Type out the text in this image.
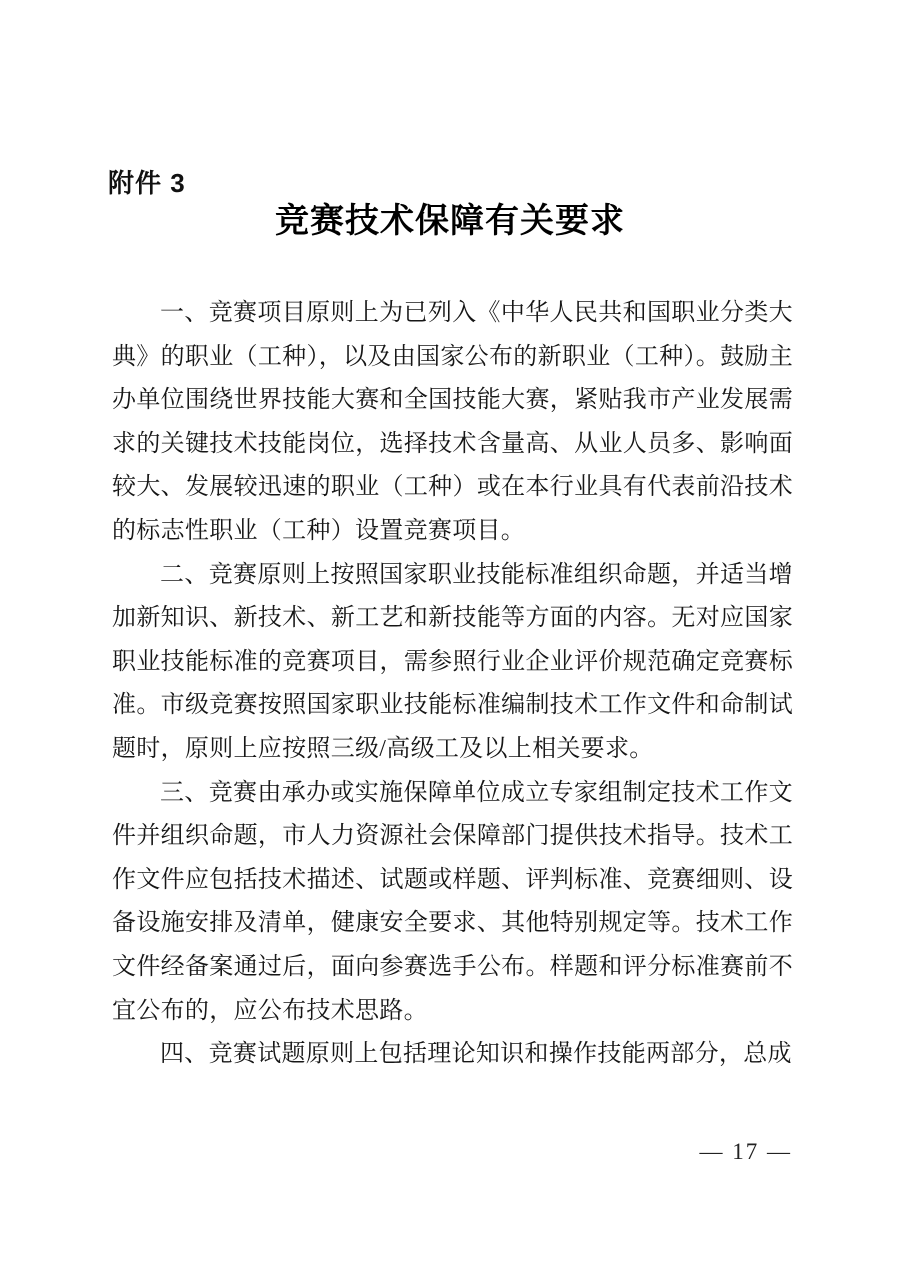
附件 3
竞赛技术保障有关要求

一、竞赛项目原则上为已列入《中华人民共和国职业分类大典》的职业（工种），以及由国家公布的新职业（工种）。鼓励主办单位围绕世界技能大赛和全国技能大赛，紧贴我市产业发展需求的关键技术技能岗位，选择技术含量高、从业人员多、影响面较大、发展较迅速的职业（工种）或在本行业具有代表前沿技术的标志性职业（工种）设置竞赛项目。

二、竞赛原则上按照国家职业技能标准组织命题，并适当增加新知识、新技术、新工艺和新技能等方面的内容。无对应国家职业技能标准的竞赛项目，需参照行业企业评价规范确定竞赛标准。市级竞赛按照国家职业技能标准编制技术工作文件和命制试题时，原则上应按照三级/高级工及以上相关要求。

三、竞赛由承办或实施保障单位成立专家组制定技术工作文件并组织命题，市人力资源社会保障部门提供技术指导。技术工作文件应包括技术描述、试题或样题、评判标准、竞赛细则、设备设施安排及清单，健康安全要求、其他特别规定等。技术工作文件经备案通过后，面向参赛选手公布。样题和评分标准赛前不宜公布的，应公布技术思路。

四、竞赛试题原则上包括理论知识和操作技能两部分，总成

— 17 —
